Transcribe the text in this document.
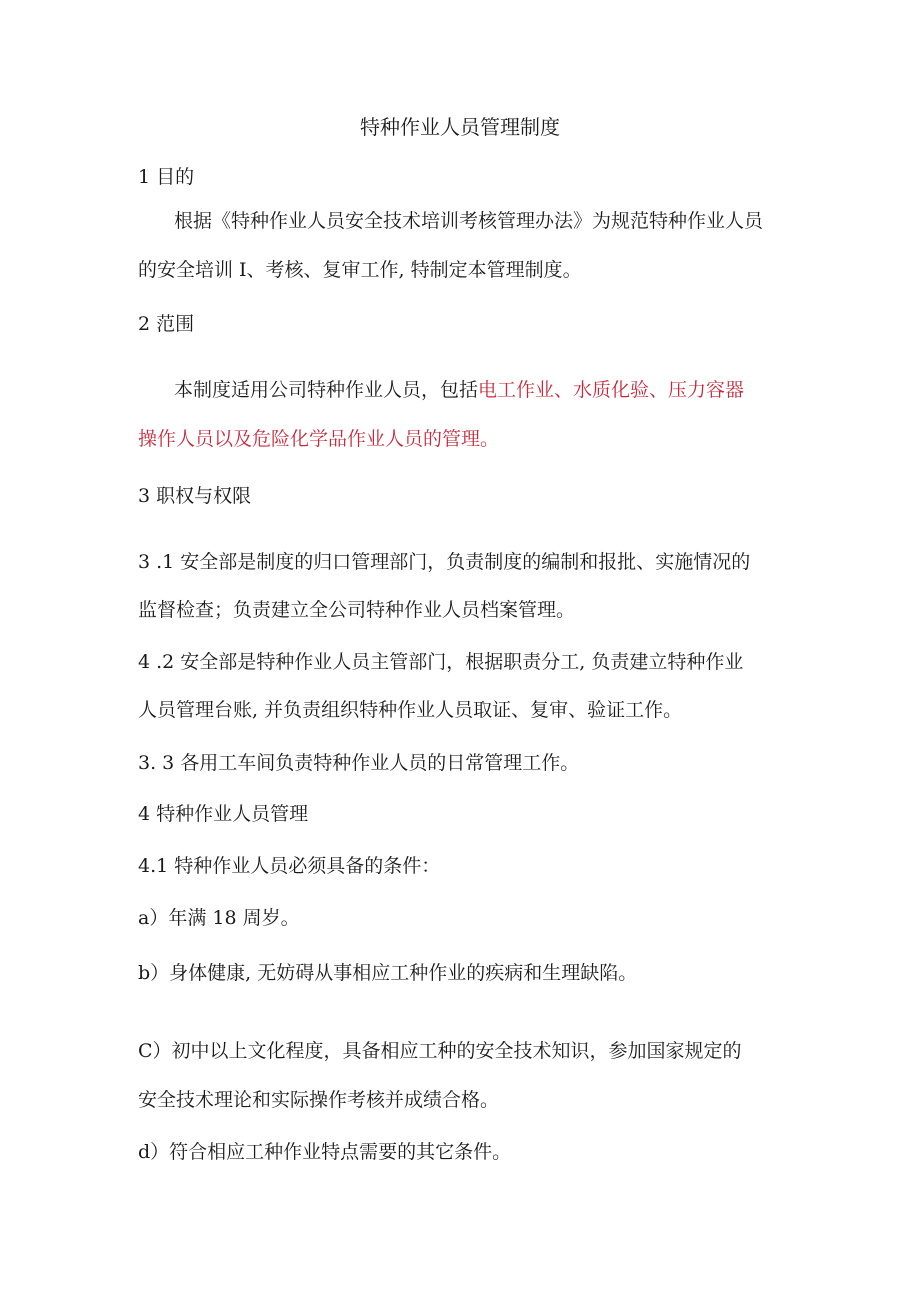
特种作业人员管理制度
1 目的
根据《特种作业人员安全技术培训考核管理办法》为规范特种作业人员
的安全培训 I、考核、复审工作, 特制定本管理制度。
2 范围
本制度适用公司特种作业人员，包括电工作业、水质化验、压力容器
操作人员以及危险化学品作业人员的管理。
3 职权与权限
3 .1 安全部是制度的归口管理部门，负责制度的编制和报批、实施情况的
监督检查；负责建立全公司特种作业人员档案管理。
4 .2 安全部是特种作业人员主管部门，根据职责分工, 负责建立特种作业
人员管理台账, 并负责组织特种作业人员取证、复审、验证工作。
3. 3 各用工车间负责特种作业人员的日常管理工作。
4 特种作业人员管理
4.1 特种作业人员必须具备的条件：
a）年满 18 周岁。
b）身体健康, 无妨碍从事相应工种作业的疾病和生理缺陷。
C）初中以上文化程度，具备相应工种的安全技术知识，参加国家规定的
安全技术理论和实际操作考核并成绩合格。
d）符合相应工种作业特点需要的其它条件。
